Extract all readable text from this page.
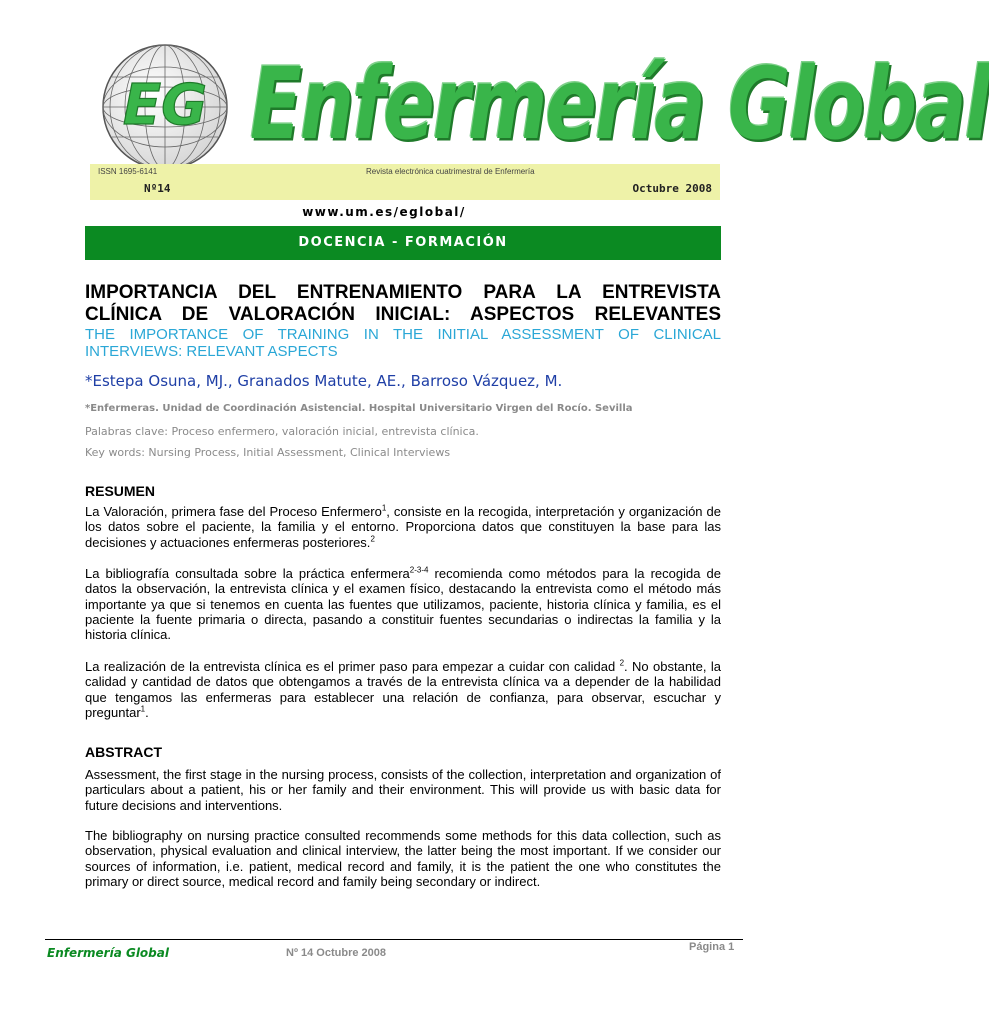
EG Enfermería Global
ISSN 1695-6141	Revista electrónica cuatrimestral de Enfermería
Nº14	Octubre 2008
www.um.es/eglobal/
DOCENCIA - FORMACIÓN
IMPORTANCIA DEL ENTRENAMIENTO PARA LA ENTREVISTA
CLÍNICA DE VALORACIÓN INICIAL: ASPECTOS RELEVANTES
THE IMPORTANCE OF TRAINING IN THE INITIAL ASSESSMENT OF CLINICAL INTERVIEWS: RELEVANT ASPECTS
*Estepa Osuna, MJ., Granados Matute, AE., Barroso Vázquez, M.
*Enfermeras. Unidad de Coordinación Asistencial. Hospital Universitario Virgen del Rocío. Sevilla
Palabras clave: Proceso enfermero, valoración inicial, entrevista clínica.
Key words: Nursing Process, Initial Assessment, Clinical Interviews
RESUMEN
La Valoración, primera fase del Proceso Enfermero$^1$, consiste en la recogida, interpretación y organización de los datos sobre el paciente, la familia y el entorno. Proporciona datos que constituyen la base para las decisiones y actuaciones enfermeras posteriores.$^2$
La bibliografía consultada sobre la práctica enfermera$^{2-3-4}$ recomienda como métodos para la recogida de datos la observación, la entrevista clínica y el examen físico, destacando la entrevista como el método más importante ya que si tenemos en cuenta las fuentes que utilizamos, paciente, historia clínica y familia, es el paciente la fuente primaria o directa, pasando a constituir fuentes secundarias o indirectas la familia y la historia clínica.
La realización de la entrevista clínica es el primer paso para empezar a cuidar con calidad $^2$. No obstante, la calidad y cantidad de datos que obtengamos a través de la entrevista clínica va a depender de la habilidad que tengamos las enfermeras para establecer una relación de confianza, para observar, escuchar y preguntar$^1$.
ABSTRACT
Assessment, the first stage in the nursing process, consists of the collection, interpretation and organization of particulars about a patient, his or her family and their environment. This will provide us with basic data for future decisions and interventions.
The bibliography on nursing practice consulted recommends some methods for this data collection, such as observation, physical evaluation and clinical interview, the latter being the most important. If we consider our sources of information, i.e. patient, medical record and family, it is the patient the one who constitutes the primary or direct source, medical record and family being secondary or indirect.
Enfermería Global	Nº 14 Octubre 2008	Página 1
